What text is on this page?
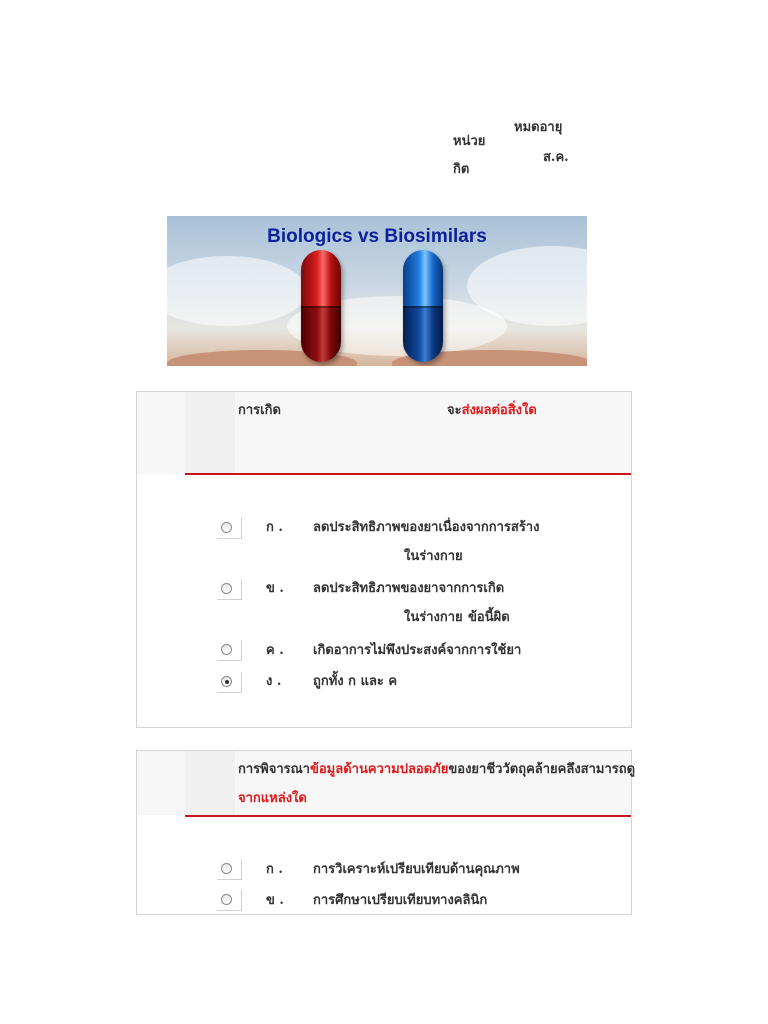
หมดอายุ
หน่วย
ส.ค.
กิต
Biologics vs Biosimilars
การเกิด	จะส่งผลต่อสิ่งใด
ก . ลดประสิทธิภาพของยาเนื่องจากการสร้าง
ในร่างกาย
ข . ลดประสิทธิภาพของยาจากการเกิด
ในร่างกาย ข้อนี้ผิด
ค . เกิดอาการไม่พึงประสงค์จากการใช้ยา
ง . ถูกทั้ง ก และ ค
การพิจารณาข้อมูลด้านความปลอดภัยของยาชีววัตถุคล้ายคลึงสามารถดู
จากแหล่งใด
ก . การวิเคราะห์เปรียบเทียบด้านคุณภาพ
ข . การศึกษาเปรียบเทียบทางคลินิก
